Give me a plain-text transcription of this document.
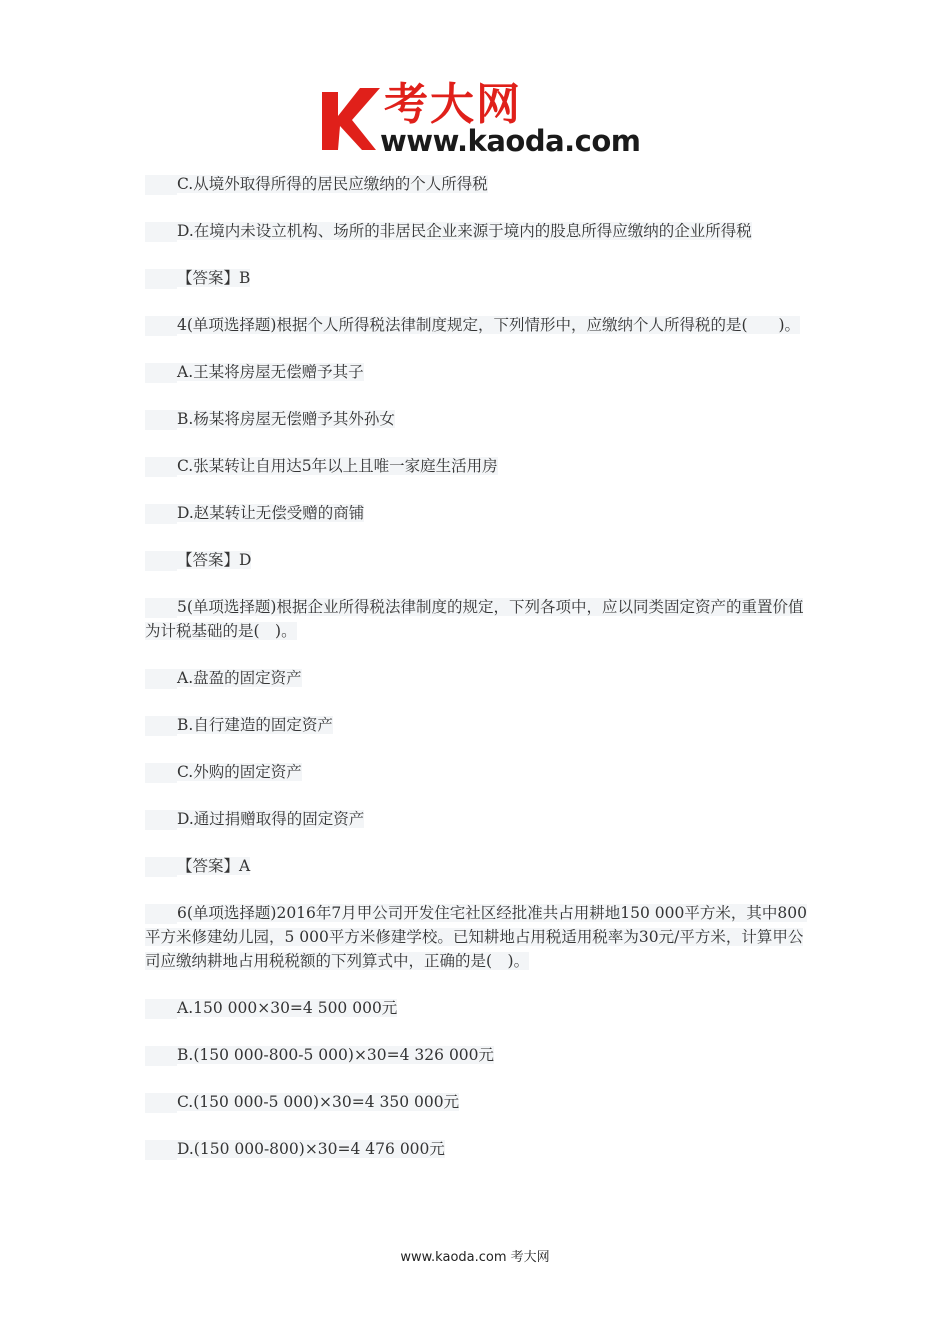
考大网
www.kaoda.com
C.从境外取得所得的居民应缴纳的个人所得税
D.在境内未设立机构、场所的非居民企业来源于境内的股息所得应缴纳的企业所得税
【答案】B
4(单项选择题)根据个人所得税法律制度规定，下列情形中，应缴纳个人所得税的是(　　)。
A.王某将房屋无偿赠予其子
B.杨某将房屋无偿赠予其外孙女
C.张某转让自用达5年以上且唯一家庭生活用房
D.赵某转让无偿受赠的商铺
【答案】D
5(单项选择题)根据企业所得税法律制度的规定，下列各项中，应以同类固定资产的重置价值为计税基础的是(　)。
A.盘盈的固定资产
B.自行建造的固定资产
C.外购的固定资产
D.通过捐赠取得的固定资产
【答案】A
6(单项选择题)2016年7月甲公司开发住宅社区经批准共占用耕地150 000平方米，其中800平方米修建幼儿园，5 000平方米修建学校。已知耕地占用税适用税率为30元/平方米，计算甲公司应缴纳耕地占用税税额的下列算式中，正确的是(　)。
A.150 000×30=4 500 000元
B.(150 000-800-5 000)×30=4 326 000元
C.(150 000-5 000)×30=4 350 000元
D.(150 000-800)×30=4 476 000元
www.kaoda.com 考大网
